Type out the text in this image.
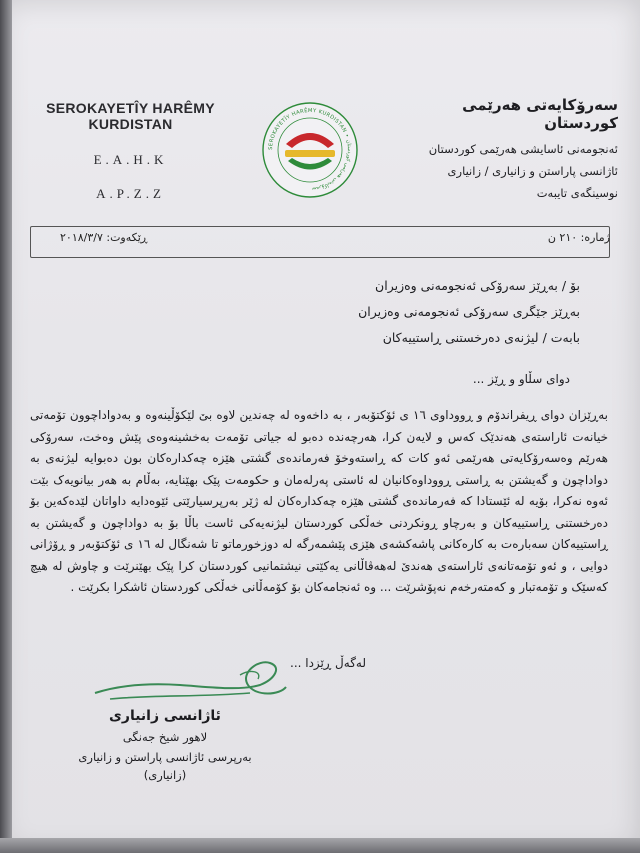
SEROKAYETÎY HARÊMY KURDISTAN
E.A.H.K
A.P.Z.Z
SEROKAYETÎY HARÊMY KURDISTAN • سەرۆکایەتی هەرێمی کوردستان
سەرۆکایەتی هەرێمی کوردستان
ئەنجومەنی ئاسایشی هەرێمی کوردستان
ئاژانسی پاراستن و زانیاری / زانیاری
نوسینگەی تایبەت
ژمارە: ٢١٠ ن
ڕێکەوت: ٢٠١٨/٣/٧
بۆ / بەڕێز سەرۆکی ئەنجومەنی وەزیران
بەڕێز جێگری سەرۆکی ئەنجومەنی وەزیران
بابەت / لیژنەی دەرخستنی ڕاستییەکان
دوای سڵاو و ڕێز ...
بەڕێزان دوای ڕیفراندۆم و ڕووداوی ١٦ ی ئۆکتۆبەر ، بە داخەوە لە چەندین لاوە بێ لێکۆڵینەوە و بەدواداچوون تۆمەتی خیانەت ئاراستەی هەندێک کەس و لایەن کرا، هەرچەندە دەبو لە جیاتی تۆمەت بەخشینەوەی پێش وەخت، سەرۆکی هەرێم وەسەرۆکایەتی هەرێمی ئەو کات کە ڕاستەوخۆ فەرماندەی گشتی هێزە چەکدارەکان بون دەبوایە لیژنەی بە دواداچون و گەیشتن بە ڕاستی ڕووداوەکانیان لە ئاستی پەرلەمان و حکومەت پێک بهێنایە، بەڵام بە هەر بیانویەک بێت ئەوە نەکرا، بۆیە لە ئێستادا کە فەرماندەی گشتی هێزە چەکدارەکان لە ژێر بەرپرسیارێتی ئێوەدایە داواتان لێدەکەین بۆ دەرخستنی ڕاستییەکان و بەرچاو ڕونکردنی خەڵکی کوردستان لیژنەیەکی ئاست باڵا بۆ بە دواداچون و گەیشتن بە ڕاستییەکان سەبارەت بە کارەکانی پاشەکشەی هێزی پێشمەرگە لە دوزخورماتو تا شەنگال لە ١٦ ی ئۆکتۆبەر و ڕۆژانی دوایی ، و ئەو تۆمەتانەی ئاراستەی هەندێ لەهەڤاڵانی یەکێتی نیشتمانیی کوردستان کرا پێک بهێنرێت و چاوش لە هیچ کەسێک و تۆمەتبار و کەمتەرخەم نەپۆشرێت ... وە ئەنجامەکان بۆ کۆمەڵانی خەڵکی کوردستان ئاشکرا بکرێت .
لەگەڵ ڕێزدا ...
ئاژانسی زانیاری
لاهور شیخ جەنگی
بەرپرسی ئاژانسی پاراستن و زانیاری
(زانیاری)
